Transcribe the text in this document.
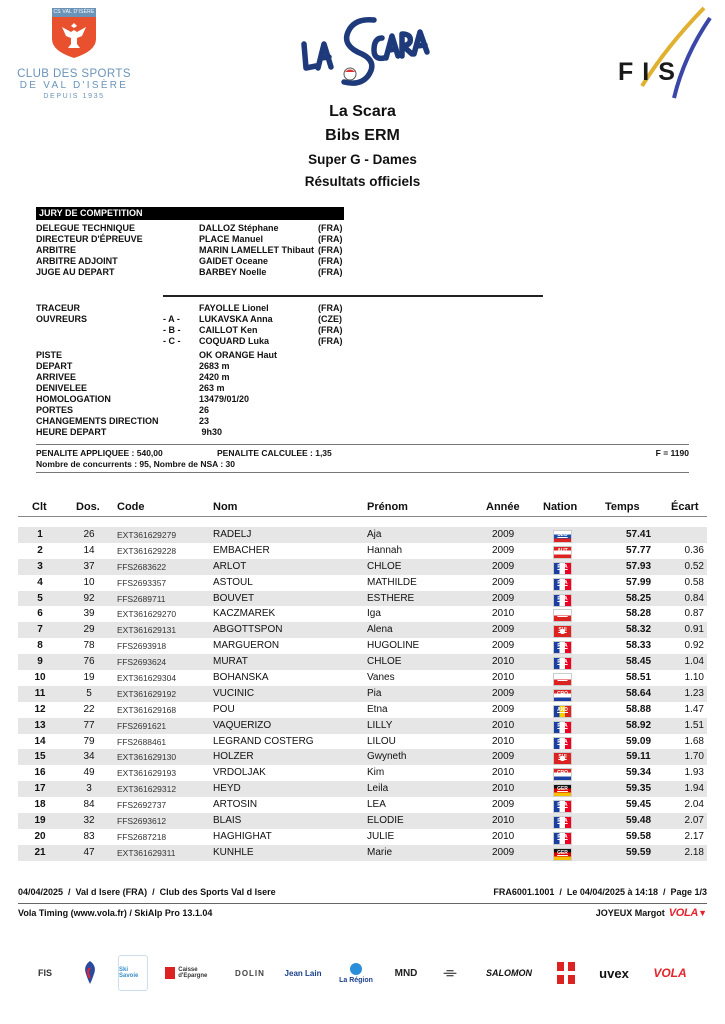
CS VAL D'ISÈRE
CLUB DES SPORTS
DE VAL D'ISÈRE
DEPUIS 1935
FIS
La Scara
Bibs ERM
Super G - Dames
Résultats officiels
JURY DE COMPETITION
DELEGUE TECHNIQUE	DALLOZ Stéphane	(FRA)
DIRECTEUR D'ÉPREUVE	PLACE Manuel	(FRA)
ARBITRE	MARIN LAMELLET Thibaut (FRA)
ARBITRE ADJOINT	GAIDET Oceane	(FRA)
JUGE AU DEPART	BARBEY Noelle	(FRA)
TRACEUR	FAYOLLE Lionel	(FRA)
OUVREURS	- A - LUKAVSKA Anna	(CZE)
- B - CAILLOT Ken	(FRA)
- C - COQUARD Luka	(FRA)
PISTE	OK ORANGE Haut
DEPART	2683 m
ARRIVEE	2420 m
DENIVELEE	263 m
HOMOLOGATION	13479/01/20
PORTES	26
CHANGEMENTS DIRECTION	23
HEURE DEPART	9h30
PENALITE APPLIQUEE : 540,00	PENALITE CALCULEE : 1,35	F = 1190
Nombre de concurrents : 95, Nombre de NSA : 30
Clt	Dos. Code	Nom	Prénom	Année Nation	Temps	Écart
1	26	EXT361629279	RADELJ	Aja	2009	SLO	57.41
2	14	EXT361629228	EMBACHER	Hannah	2009	AUT	57.77	0.36
3	37	FFS2683622	ARLOT	CHLOE	2009	FRA	57.93	0.52
4	10	FFS2693357	ASTOUL	MATHILDE	2009	FRA	57.99	0.58
5	92	FFS2689711	BOUVET	ESTHERE	2009	FRA	58.25	0.84
6	39	EXT361629270	KACZMAREK	Iga	2010	POL	58.28	0.87
7	29	EXT361629131	ABGOTTSPON	Alena	2009	SUI	58.32	0.91
8	78	FFS2693918	MARGUERON	HUGOLINE	2009	FRA	58.33	0.92
9	76	FFS2693624	MURAT	CHLOE	2010	FRA	58.45	1.04
10	19	EXT361629304	BOHANSKA	Vanes	2010	CZE	58.51	1.10
11	5	EXT361629192	VUCINIC	Pia	2009	CRO	58.64	1.23
12	22	EXT361629168	POU	Etna	2009	AND	58.88	1.47
13	77	FFS2691621	VAQUERIZO	LILLY	2010	FRA	58.92	1.51
14	79	FFS2688461	LEGRAND COSTERG	LILOU	2010	FRA	59.09	1.68
15	34	EXT361629130	HOLZER	Gwyneth	2009	SUI	59.11	1.70
16	49	EXT361629193	VRDOLJAK	Kim	2010	CRO	59.34	1.93
17	3	EXT361629312	HEYD	Leila	2010	GER	59.35	1.94
18	84	FFS2692737	ARTOSIN	LEA	2009	FRA	59.45	2.04
19	32	FFS2693612	BLAIS	ELODIE	2010	FRA	59.48	2.07
20	83	FFS2687218	HAGHIGHAT	JULIE	2010	FRA	59.58	2.17
21	47	EXT361629311	KUNHLE	Marie	2009	GER	59.59	2.18
04/04/2025  /  Val d Isere (FRA)  /  Club des Sports Val d Isere	FRA6001.1001  /  Le 04/04/2025 à 14:18  /  Page 1/3
Vola Timing (www.vola.fr) / SkiAlp Pro 13.1.04	JOYEUX Margot VOLA▼
FIS	Ski Savoie
Caisse d'Epargne	DOLIN Jean Lain
La Région
MND	⌯	SALOMON	uvex VOLA
